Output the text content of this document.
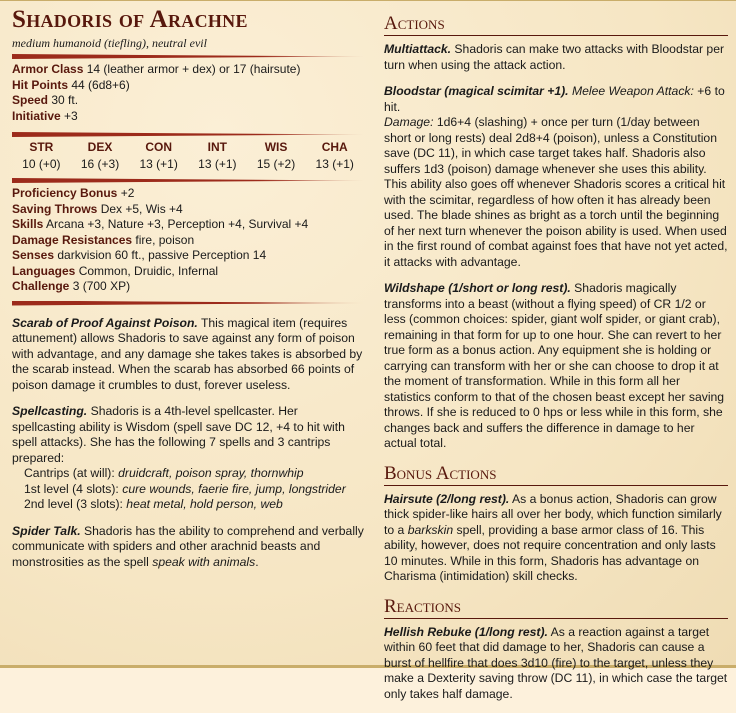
Shadoris of Arachne
medium humanoid (tiefling), neutral evil
Armor Class 14 (leather armor + dex) or 17 (hairsute)
Hit Points 44 (6d8+6)
Speed 30 ft.
Initiative +3
STR
10 (+0)
DEX
16 (+3)
CON
13 (+1)
INT
13 (+1)
WIS
15 (+2)
CHA
13 (+1)
Proficiency Bonus +2
Saving Throws Dex +5, Wis +4
Skills Arcana +3, Nature +3, Perception +4, Survival +4
Damage Resistances fire, poison
Senses darkvision 60 ft., passive Perception 14
Languages Common, Druidic, Infernal
Challenge 3 (700 XP)

Scarab of Proof Against Poison. This magical item (requires attunement) allows Shadoris to save against any form of poison with advantage, and any damage she takes takes is absorbed by the scarab instead. When the scarab has absorbed 66 points of poison damage it crumbles to dust, forever useless.

Spellcasting. Shadoris is a 4th-level spellcaster. Her spellcasting ability is Wisdom (spell save DC 12, +4 to hit with spell attacks). She has the following 7 spells and 3 cantrips prepared:
Cantrips (at will): druidcraft, poison spray, thornwhip
1st level (4 slots): cure wounds, faerie fire, jump, longstrider
2nd level (3 slots): heat metal, hold person, web

Spider Talk. Shadoris has the ability to comprehend and verbally communicate with spiders and other arachnid beasts and monstrosities as the spell speak with animals.

Actions

Multiattack. Shadoris can make two attacks with Bloodstar per turn when using the attack action.

Bloodstar (magical scimitar +1). Melee Weapon Attack: +6 to hit.
Damage: 1d6+4 (slashing) + once per turn (1/day between short or long rests) deal 2d8+4 (poison), unless a Constitution save (DC 11), in which case target takes half. Shadoris also suffers 1d3 (poison) damage whenever she uses this ability. This ability also goes off whenever Shadoris scores a critical hit with the scimitar, regardless of how often it has already been used. The blade shines as bright as a torch until the beginning of her next turn whenever the poison ability is used. When used in the first round of combat against foes that have not yet acted, it attacks with advantage.

Wildshape (1/short or long rest). Shadoris magically transforms into a beast (without a flying speed) of CR 1/2 or less (common choices: spider, giant wolf spider, or giant crab), remaining in that form for up to one hour. She can revert to her true form as a bonus action. Any equipment she is holding or carrying can transform with her or she can choose to drop it at the moment of transformation. While in this form all her statistics conform to that of the chosen beast except her saving throws. If she is reduced to 0 hps or less while in this form, she changes back and suffers the difference in damage to her actual total.

Bonus Actions

Hairsute (2/long rest). As a bonus action, Shadoris can grow thick spider-like hairs all over her body, which function similarly to a barkskin spell, providing a base armor class of 16. This ability, however, does not require concentration and only lasts 10 minutes. While in this form, Shadoris has advantage on Charisma (intimidation) skill checks.

Reactions

Hellish Rebuke (1/long rest). As a reaction against a target within 60 feet that did damage to her, Shadoris can cause a burst of hellfire that does 3d10 (fire) to the target, unless they make a Dexterity saving throw (DC 11), in which case the target only takes half damage.
